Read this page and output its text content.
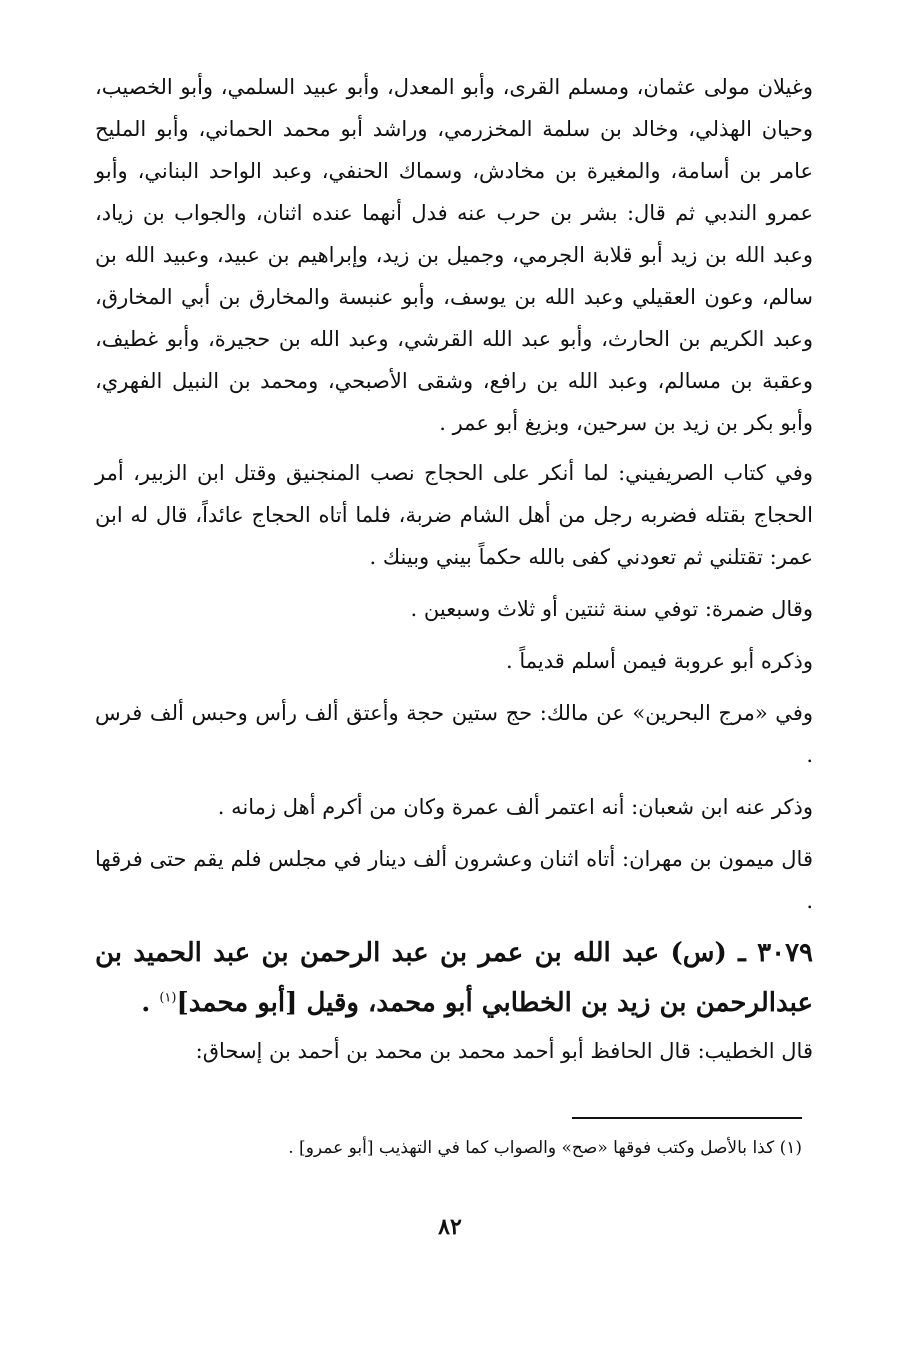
وغيلان مولى عثمان، ومسلم القرى، وأبو المعدل، وأبو عبيد السلمي، وأبو الخصيب، وحيان الهذلي، وخالد بن سلمة المخزرمي، وراشد أبو محمد الحماني، وأبو المليح عامر بن أسامة، والمغيرة بن مخادش، وسماك الحنفي، وعبد الواحد البناني، وأبو عمرو الندبي ثم قال: بشر بن حرب عنه فدل أنهما عنده اثنان، والجواب بن زياد، وعبد الله بن زيد أبو قلابة الجرمي، وجميل بن زيد، وإبراهيم بن عبيد، وعبيد الله بن سالم، وعون العقيلي وعبد الله بن يوسف، وأبو عنبسة والمخارق بن أبي المخارق، وعبد الكريم بن الحارث، وأبو عبد الله القرشي، وعبد الله بن حجيرة، وأبو غطيف، وعقبة بن مسالم، وعبد الله بن رافع، وشقى الأصبحي، ومحمد بن النبيل الفهري، وأبو بكر بن زيد بن سرحين، وبزيغ أبو عمر .

وفي كتاب الصريفيني: لما أنكر على الحجاج نصب المنجنيق وقتل ابن الزبير، أمر الحجاج بقتله فضربه رجل من أهل الشام ضربة، فلما أتاه الحجاج عائداً، قال له ابن عمر: تقتلني ثم تعودني كفى بالله حكماً بيني وبينك .

وقال ضمرة: توفي سنة ثنتين أو ثلاث وسبعين .

وذكره أبو عروبة فيمن أسلم قديماً .

وفي «مرج البحرين» عن مالك: حج ستين حجة وأعتق ألف رأس وحبس ألف فرس .

وذكر عنه ابن شعبان: أنه اعتمر ألف عمرة وكان من أكرم أهل زمانه .

قال ميمون بن مهران: أتاه اثنان وعشرون ألف دينار في مجلس فلم يقم حتى فرقها .

٣٠٧٩ ـ (س) عبد الله بن عمر بن عبد الرحمن بن عبد الحميد بن عبدالرحمن بن زيد بن الخطابي أبو محمد، وقيل [أبو محمد]$^{(١)}$ .

قال الخطيب: قال الحافظ أبو أحمد محمد بن محمد بن أحمد بن إسحاق:

(١) كذا بالأصل وكتب فوقها «صح» والصواب كما في التهذيب [أبو عمرو] .

٨٢
